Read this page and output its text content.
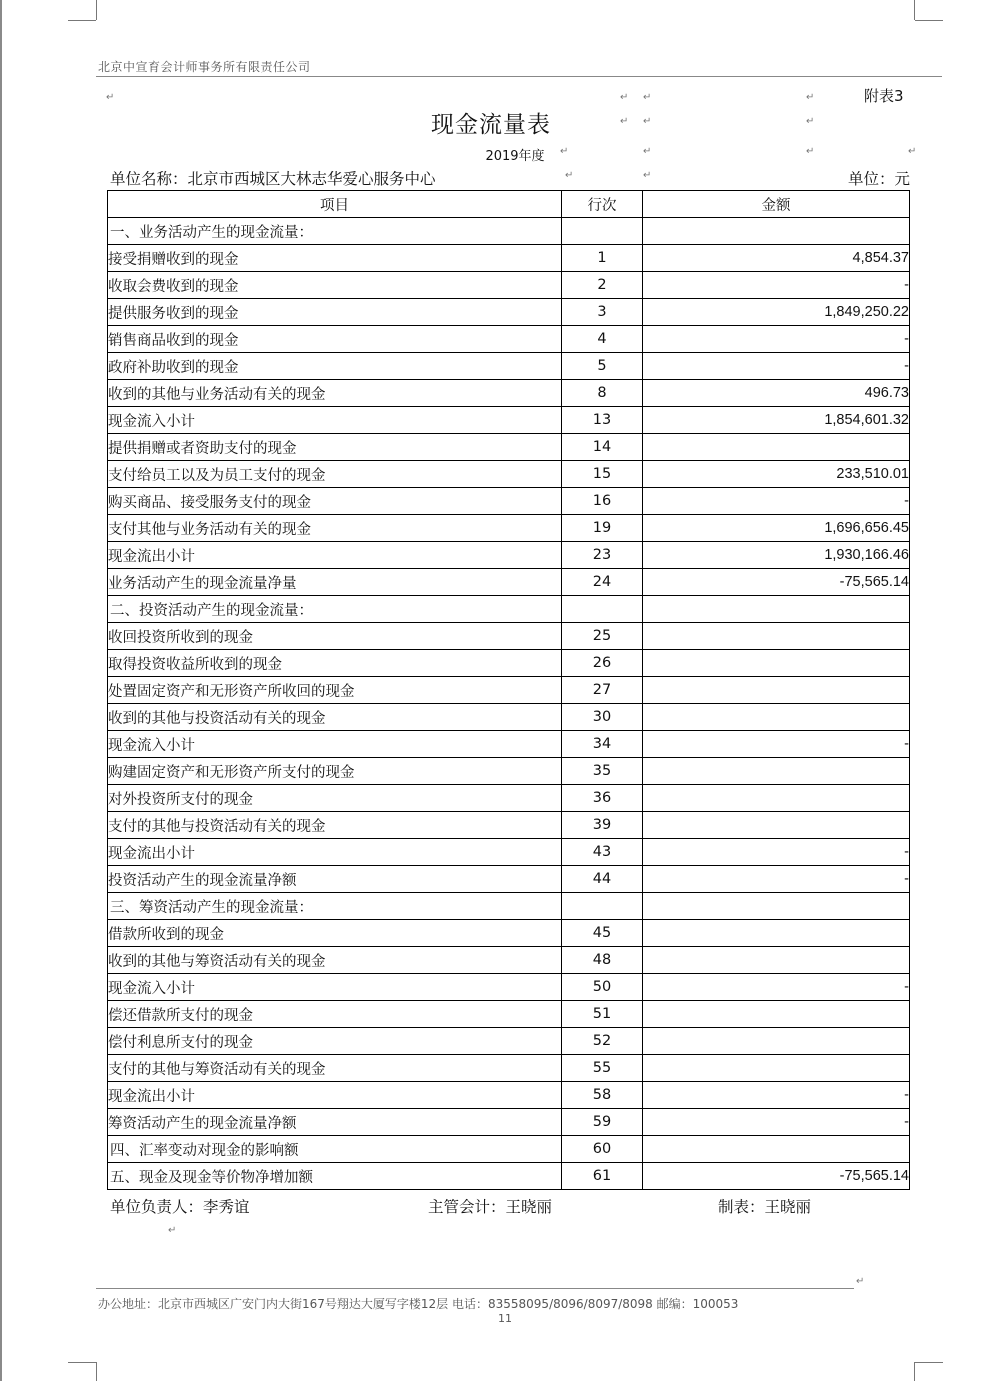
北京中宣育会计师事务所有限责任公司
附表3
现金流量表
2019年度
单位名称：北京市西城区大林志华爱心服务中心	单位：元
↵	↵ ↵	↵
↵ ↵	↵
↵	↵	↵	↵
↵	↵
↵
↵
项目	行次	金额
一、业务活动产生的现金流量：		
接受捐赠收到的现金	1	4,854.37
收取会费收到的现金	2	-
提供服务收到的现金	3	1,849,250.22
销售商品收到的现金	4	-
政府补助收到的现金	5	-
收到的其他与业务活动有关的现金	8	496.73
现金流入小计	13	1,854,601.32
提供捐赠或者资助支付的现金	14	
支付给员工以及为员工支付的现金	15	233,510.01
购买商品、接受服务支付的现金	16	-
支付其他与业务活动有关的现金	19	1,696,656.45
现金流出小计	23	1,930,166.46
业务活动产生的现金流量净量	24	-75,565.14
二、投资活动产生的现金流量：		
收回投资所收到的现金	25	
取得投资收益所收到的现金	26	
处置固定资产和无形资产所收回的现金	27	
收到的其他与投资活动有关的现金	30	
现金流入小计	34	-
购建固定资产和无形资产所支付的现金	35	
对外投资所支付的现金	36	
支付的其他与投资活动有关的现金	39	
现金流出小计	43	-
投资活动产生的现金流量净额	44	-
三、筹资活动产生的现金流量：		
借款所收到的现金	45	
收到的其他与筹资活动有关的现金	48	
现金流入小计	50	-
偿还借款所支付的现金	51	
偿付利息所支付的现金	52	
支付的其他与筹资活动有关的现金	55	
现金流出小计	58	-
筹资活动产生的现金流量净额	59	-
四、汇率变动对现金的影响额	60	
五、现金及现金等价物净增加额	61	-75,565.14
单位负责人：李秀谊	主管会计：王晓丽	制表：王晓丽
办公地址：北京市西城区广安门内大街167号翔达大厦写字楼12层 电话：83558095/8096/8097/8098 邮编：100053
11
